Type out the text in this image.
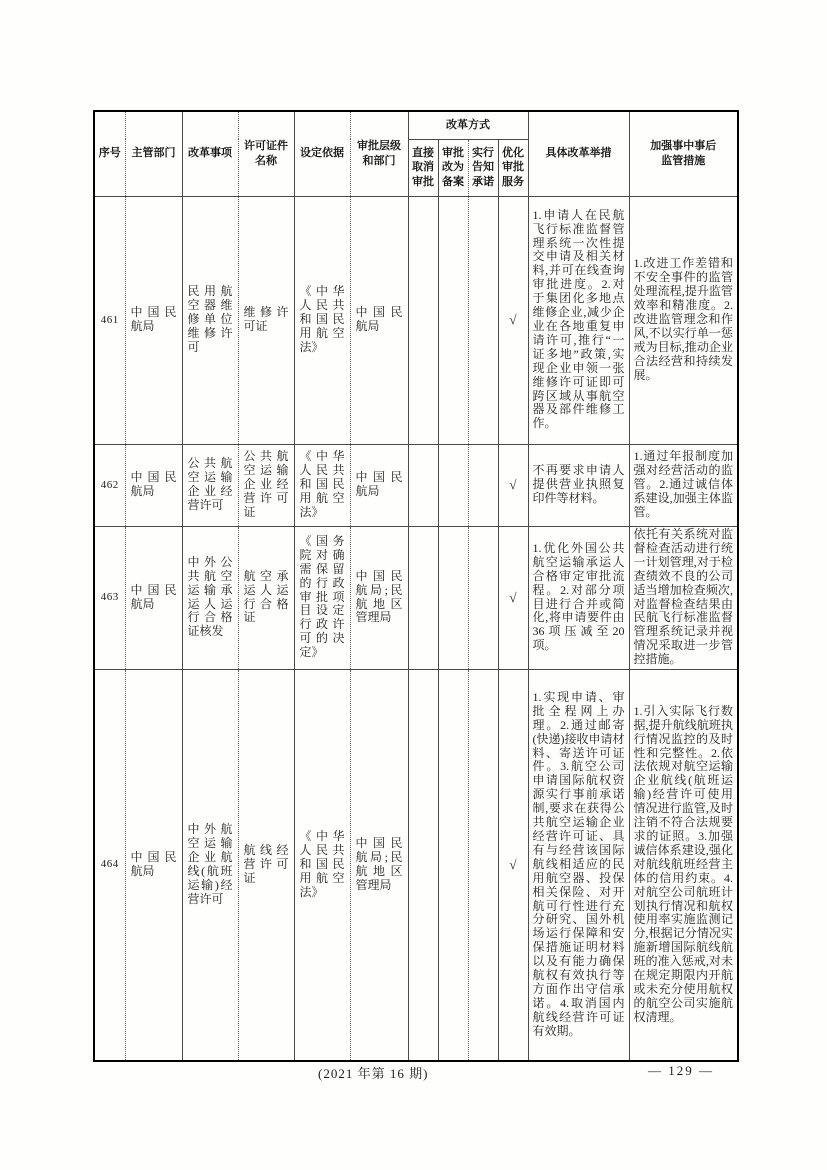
序号	主管部门	改革事项	许可证件名称	设定依据	审批层级和部门	改革方式				具体改革举措	加强事中事后监管措施
						直接取消审批	审批改为备案	实行告知承诺	优化审批服务		
461	中国民航局	民用航空器维修单位维修许可	维修许可证	《中华人民共和国民用航空法》	中国民航局				√	1.申请人在民航飞行标准监督管理系统一次性提交申请及相关材料,并可在线查询审批进度。2.对于集团化多地点维修企业,减少企业在各地重复申请许可,推行“一证多地”政策,实现企业申领一张维修许可证即可跨区域从事航空器及部件维修工作。	1.改进工作差错和不安全事件的监管处理流程,提升监管效率和精准度。2.改进监管理念和作风,不以实行单一惩戒为目标,推动企业合法经营和持续发展。
462	中国民航局	公共航空运输企业经营许可	公共航空运输企业经营许可证	《中华人民共和国民用航空法》	中国民航局				√	不再要求申请人提供营业执照复印件等材料。	1.通过年报制度加强对经营活动的监管。2.通过诚信体系建设,加强主体监管。
463	中国民航局	中外公共航空运输承运人运行合格证核发	航空承运人运行合格证	《国务院对确需保留的行政审批项目设定行政许可的决定》	中国民航局;民航地区管理局				√	1.优化外国公共航空运输承运人合格审定审批流程。2.对部分项目进行合并或简化,将申请要件由36项压减至20项。	依托有关系统对监督检查活动进行统一计划管理,对于检查绩效不良的公司适当增加检查频次,对监督检查结果由民航飞行标准监督管理系统记录并视情况采取进一步管控措施。
464	中国民航局	中外航空运输企业航线(航班运输)经营许可	航线经营许可证	《中华人民共和国民用航空法》	中国民航局;民航地区管理局				√	1.实现申请、审批全程网上办理。2.通过邮寄(快递)接收申请材料、寄送许可证件。3.航空公司申请国际航权资源实行事前承诺制,要求在获得公共航空运输企业经营许可证、具有与经营该国际航线相适应的民用航空器、投保相关保险、对开航可行性进行充分研究、国外机场运行保障和安保措施证明材料以及有能力确保航权有效执行等方面作出守信承诺。4.取消国内航线经营许可证有效期。	1.引入实际飞行数据,提升航线航班执行情况监控的及时性和完整性。2.依法依规对航空运输企业航线(航班运输)经营许可使用情况进行监管,及时注销不符合法规要求的证照。3.加强诚信体系建设,强化对航线航班经营主体的信用约束。4.对航空公司航班计划执行情况和航权使用率实施监测记分,根据记分情况实施新增国际航线航班的准入惩戒,对未在规定期限内开航或未充分使用航权的航空公司实施航权清理。
(2021 年第 16 期)	— 129 —
